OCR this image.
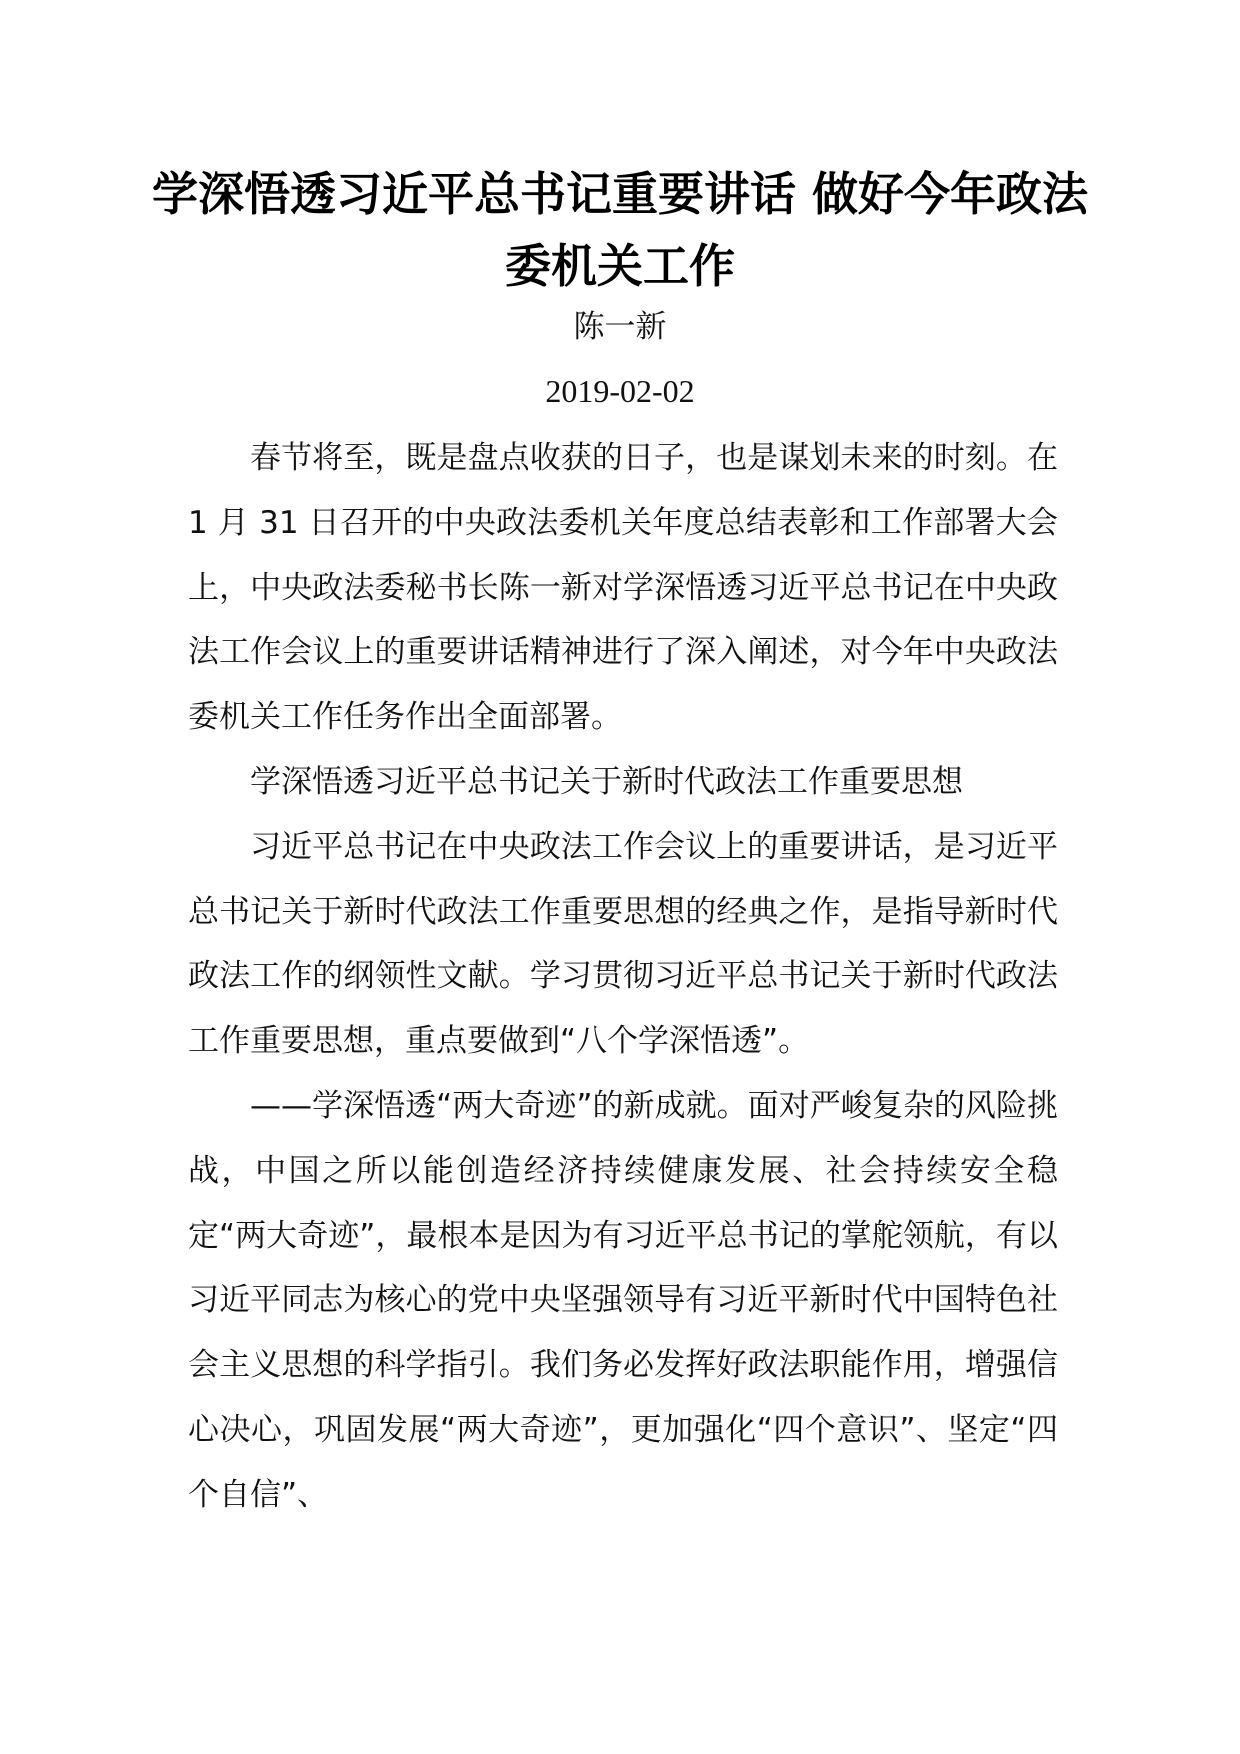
学深悟透习近平总书记重要讲话 做好今年政法委机关工作
陈一新
2019-02-02

春节将至，既是盘点收获的日子，也是谋划未来的时刻。在 1 月 31 日召开的中央政法委机关年度总结表彰和工作部署大会上，中央政法委秘书长陈一新对学深悟透习近平总书记在中央政法工作会议上的重要讲话精神进行了深入阐述，对今年中央政法委机关工作任务作出全面部署。

学深悟透习近平总书记关于新时代政法工作重要思想

习近平总书记在中央政法工作会议上的重要讲话，是习近平总书记关于新时代政法工作重要思想的经典之作，是指导新时代政法工作的纲领性文献。学习贯彻习近平总书记关于新时代政法工作重要思想，重点要做到“八个学深悟透”。

——学深悟透“两大奇迹”的新成就。面对严峻复杂的风险挑战，中国之所以能创造经济持续健康发展、社会持续安全稳定“两大奇迹”，最根本是因为有习近平总书记的掌舵领航，有以习近平同志为核心的党中央坚强领导有习近平新时代中国特色社会主义思想的科学指引。我们务必发挥好政法职能作用，增强信心决心，巩固发展“两大奇迹”，更加强化“四个意识”、坚定“四个自信”、
